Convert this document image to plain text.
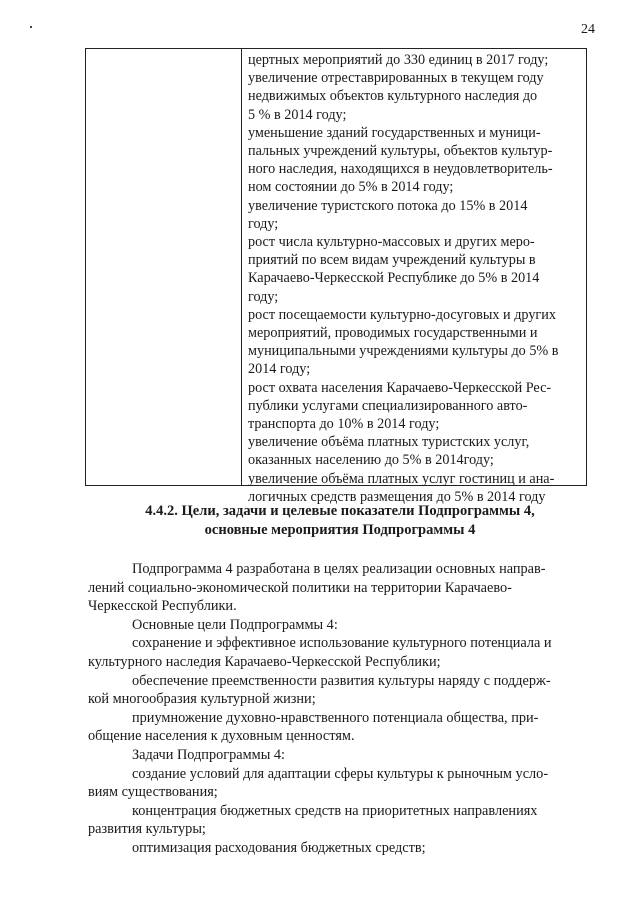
24
цертных мероприятий до 330 единиц в 2017 году;
увеличение отреставрированных в текущем году
недвижимых объектов культурного наследия до
5 % в 2014 году;
уменьшение зданий государственных и муници-
пальных учреждений культуры, объектов культур-
ного наследия, находящихся в неудовлетворитель-
ном состоянии до 5% в 2014 году;
увеличение туристского потока до 15% в 2014
году;
рост числа культурно-массовых и других меро-
приятий по всем видам учреждений культуры в
Карачаево-Черкесской Республике до 5% в 2014
году;
рост посещаемости культурно-досуговых и других
мероприятий, проводимых государственными и
муниципальными учреждениями культуры до 5% в
2014 году;
рост охвата населения Карачаево-Черкесской Рес-
публики услугами специализированного авто-
транспорта до 10% в 2014 году;
увеличение объёма платных туристских услуг,
оказанных населению до 5% в 2014году;
увеличение объёма платных услуг гостиниц и ана-
логичных средств размещения до 5% в 2014 году
4.4.2. Цели, задачи и целевые показатели Подпрограммы 4,
основные мероприятия Подпрограммы 4
Подпрограмма 4 разработана в целях реализации основных направ-
лений социально-экономической политики на территории Карачаево-
Черкесской Республики.
Основные цели Подпрограммы 4:
сохранение и эффективное использование культурного потенциала и
культурного наследия Карачаево-Черкесской Республики;
обеспечение преемственности развития культуры наряду с поддерж-
кой многообразия культурной жизни;
приумножение духовно-нравственного потенциала общества, при-
общение населения к духовным ценностям.
Задачи Подпрограммы 4:
создание условий для адаптации сферы культуры к рыночным усло-
виям существования;
концентрация бюджетных средств на приоритетных направлениях
развития культуры;
оптимизация расходования бюджетных средств;
